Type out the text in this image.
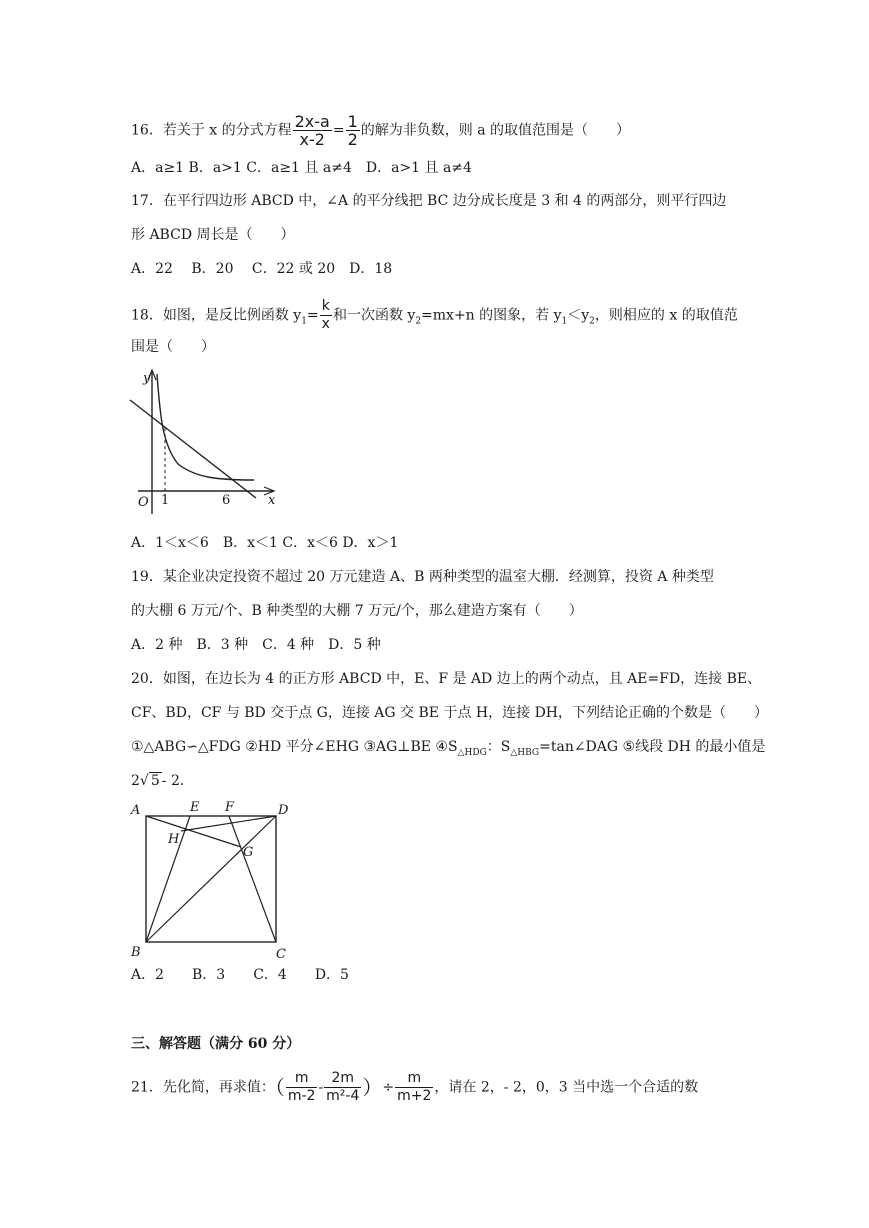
16．若关于 x 的分式方程 $\frac{2x-a}{x-2} = \frac{1}{2}$ 的解为非负数，则 a 的取值范围是（　　）
A．a≥1 B．a>1 C．a≥1 且 a≠4　D．a>1 且 a≠4
17．在平行四边形 ABCD 中，∠A 的平分线把 BC 边分成长度是 3 和 4 的两部分，则平行四边
形 ABCD 周长是（　　）
A．22　 B．20　 C．22 或 20　D．18
18．如图，是反比例函数 $y_1= \frac{k}{x}$ 和一次函数 $y_2=mx+n$ 的图象，若 $y_1<y_2$，则相应的 x 的取值范
围是（　　）
y
x
O 1	6
A．1＜x＜6　B．x＜1 C．x＜6 D．x＞1
19．某企业决定投资不超过 20 万元建造 A、B 两种类型的温室大棚．经测算，投资 A 种类型
的大棚 6 万元/个、B 种类型的大棚 7 万元/个，那么建造方案有（　　）
A．2 种　B．3 种　C．4 种　D．5 种
20．如图，在边长为 4 的正方形 ABCD 中，E、F 是 AD 边上的两个动点，且 AE=FD，连接 BE、
CF、BD，CF 与 BD 交于点 G，连接 AG 交 BE 于点 H，连接 DH，下列结论正确的个数是（　　）
①△ABG∽△FDG ②HD 平分∠EHG ③AG⊥BE $④S_{\triangle HDG}$：$S_{\triangle HBG}=\tan\angle DAG$ ⑤线段 DH 的最小值是
2√ 5 - 2．
A
B	C
D
E F
G
H
A．2　　B．3　　C．4　　D．5
三、解答题（满分 60 分）
21．先化简，再求值：（ $\frac{m}{m-2} - \frac{2m}{\text{m²-4}}$ ）÷ $\frac{m}{m+2}$ ，请在 2，- 2，0，3 当中选一个合适的数
